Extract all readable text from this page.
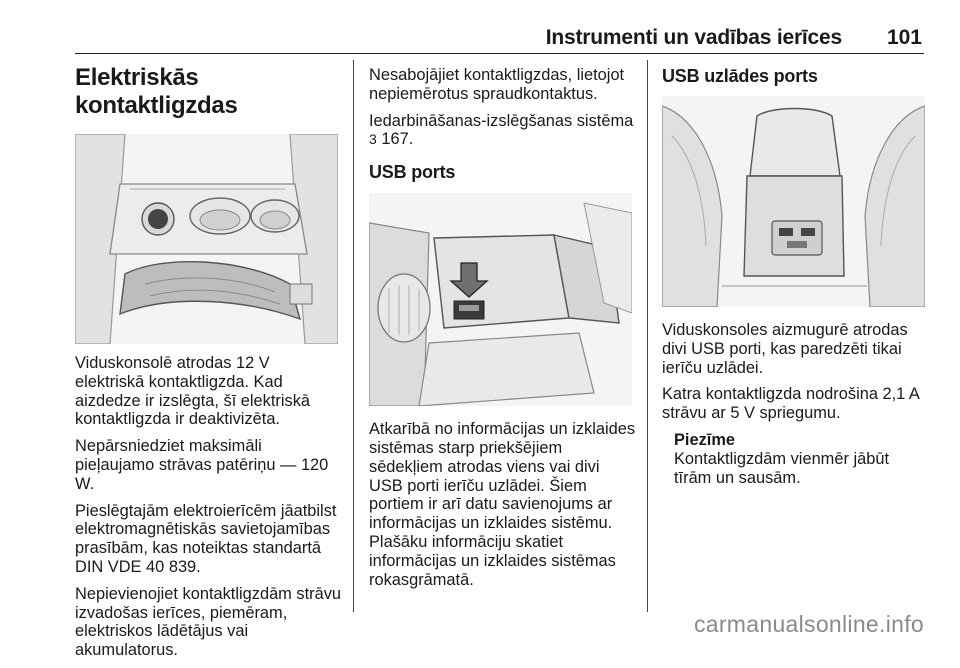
Instrumenti un vadības ierīces 101
Elektriskās kontaktligzdas

Viduskonsolē atrodas 12 V elektriskā kontaktligzda. Kad aizdedze ir izslēgta, šī elektriskā kontaktligzda ir deaktivizēta.

Nepārsniedziet maksimāli pieļaujamo strāvas patēriņu — 120 W.

Pieslēgtajām elektroierīcēm jāatbilst elektromagnētiskās savietojamības prasībām, kas noteiktas standartā DIN VDE 40 839.

Nepievienojiet kontaktligzdām strāvu izvadošas ierīces, piemēram, elektriskos lādētājus vai akumulatorus.

Nesabojājiet kontaktligzdas, lietojot nepiemērotus spraudkontaktus.

Iedarbināšanas-izslēgšanas sistēma
3 167.

USB ports

Atkarībā no informācijas un izklaides sistēmas starp priekšējiem sēdekļiem atrodas viens vai divi USB porti ierīču uzlādei. Šiem portiem ir arī datu savienojums ar informācijas un izklaides sistēmu. Plašāku informāciju skatiet informācijas un izklaides sistēmas rokasgrāmatā.

USB uzlādes ports

Viduskonsoles aizmugurē atrodas divi USB porti, kas paredzēti tikai ierīču uzlādei.

Katra kontaktligzda nodrošina 2,1 A strāvu ar 5 V spriegumu.

Piezīme

Kontaktligzdām vienmēr jābūt tīrām un sausām.

carmanualsonline.info
